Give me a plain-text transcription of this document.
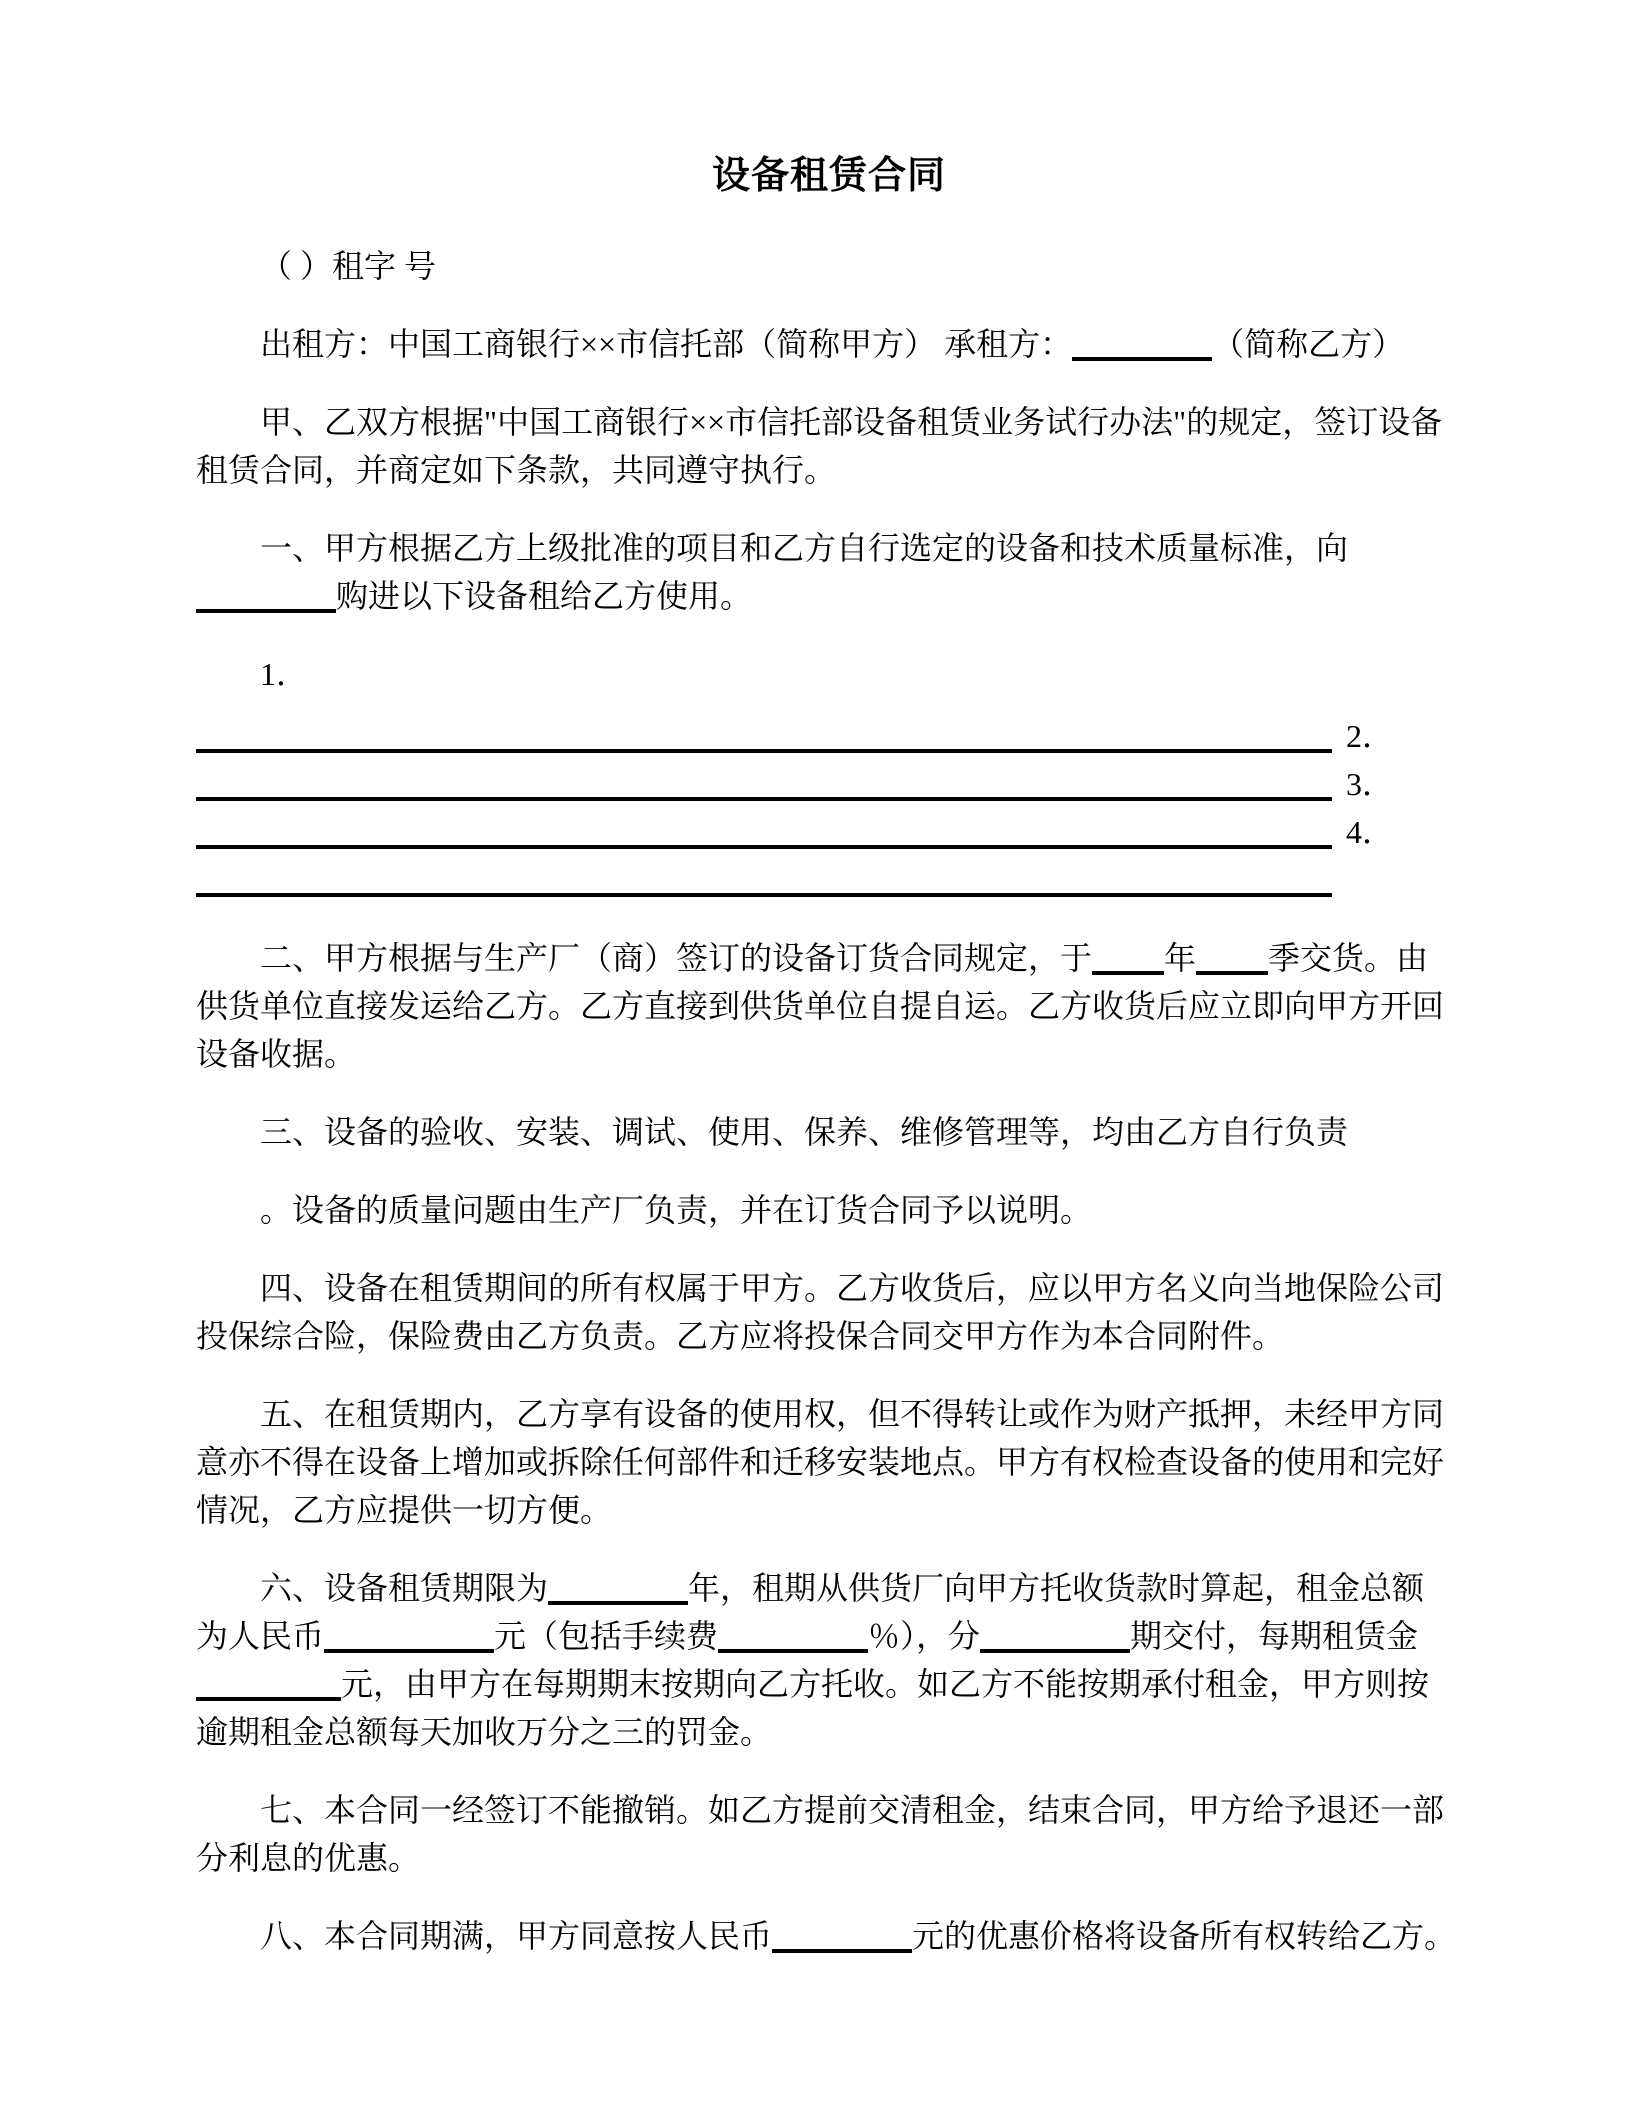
设备租赁合同
（ ）租字 号
出租方：中国工商银行××市信托部（简称甲方） 承租方：	（简称乙方）
甲、乙双方根据"中国工商银行××市信托部设备租赁业务试行办法"的规定，签订设备
租赁合同，并商定如下条款，共同遵守执行。
一、甲方根据乙方上级批准的项目和乙方自行选定的设备和技术质量标准，向
购进以下设备租给乙方使用。
1．
2．
3．
4．
二、甲方根据与生产厂（商）签订的设备订货合同规定，于 年 季交货。由
供货单位直接发运给乙方。乙方直接到供货单位自提自运。乙方收货后应立即向甲方开回
设备收据。
三、设备的验收、安装、调试、使用、保养、维修管理等，均由乙方自行负责
。设备的质量问题由生产厂负责，并在订货合同予以说明。
四、设备在租赁期间的所有权属于甲方。乙方收货后，应以甲方名义向当地保险公司
投保综合险，保险费由乙方负责。乙方应将投保合同交甲方作为本合同附件。
五、在租赁期内，乙方享有设备的使用权，但不得转让或作为财产抵押，未经甲方同
意亦不得在设备上增加或拆除任何部件和迁移安装地点。甲方有权检查设备的使用和完好
情况，乙方应提供一切方便。
六、设备租赁期限为	年，租期从供货厂向甲方托收货款时算起，租金总额
为人民币	元（包括手续费	％），分	期交付，每期租赁金
元，由甲方在每期期末按期向乙方托收。如乙方不能按期承付租金，甲方则按
逾期租金总额每天加收万分之三的罚金。
七、本合同一经签订不能撤销。如乙方提前交清租金，结束合同，甲方给予退还一部
分利息的优惠。
八、本合同期满，甲方同意按人民币	元的优惠价格将设备所有权转给乙方。
